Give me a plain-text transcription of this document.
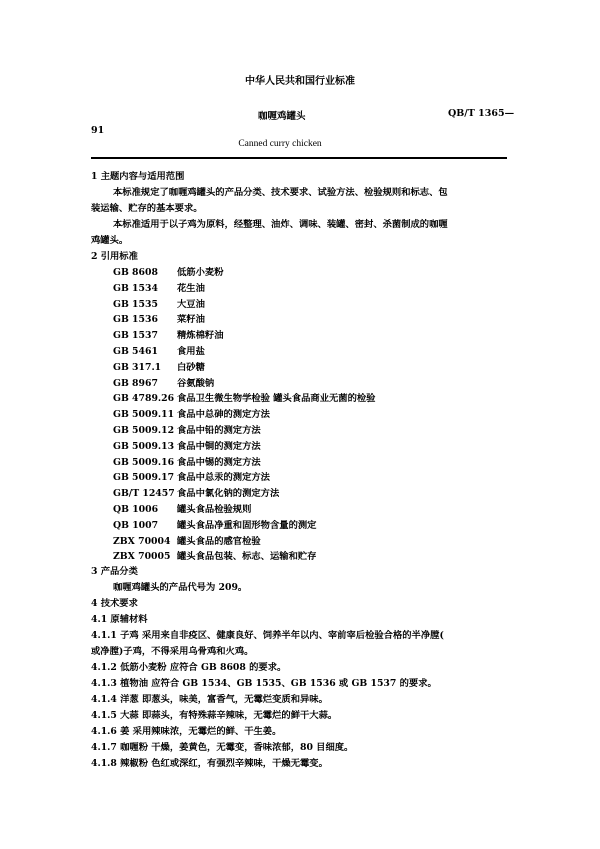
中华人民共和国行业标准
咖喱鸡罐头	QB/T 1365—
91
Canned curry chicken
1 主题内容与适用范围
本标准规定了咖喱鸡罐头的产品分类、技术要求、试验方法、检验规则和标志、包
装运输、贮存的基本要求。
本标准适用于以子鸡为原料，经整理、油炸、调味、装罐、密封、杀菌制成的咖喱
鸡罐头。
2 引用标准
GB 8608 低筋小麦粉
GB 1534 花生油
GB 1535 大豆油
GB 1536 菜籽油
GB 1537 精炼棉籽油
GB 5461 食用盐
GB 317.1 白砂糖
GB 8967 谷氨酸钠
GB 4789.26 食品卫生微生物学检验 罐头食品商业无菌的检验
GB 5009.11 食品中总砷的测定方法
GB 5009.12 食品中铅的测定方法
GB 5009.13 食品中铜的测定方法
GB 5009.16 食品中锡的测定方法
GB 5009.17 食品中总汞的测定方法
GB/T 12457 食品中氯化钠的测定方法
QB 1006 罐头食品检验规则
QB 1007 罐头食品净重和固形物含量的测定
ZBX 70004 罐头食品的感官检验
ZBX 70005 罐头食品包装、标志、运输和贮存
3 产品分类
咖喱鸡罐头的产品代号为 209。
4 技术要求
4.1 原辅材料
4.1.1 子鸡 采用来自非疫区、健康良好、饲养半年以内、宰前宰后检验合格的半净膛(
或净膛)子鸡，不得采用乌骨鸡和火鸡。
4.1.2 低筋小麦粉 应符合 GB 8608 的要求。
4.1.3 植物油 应符合 GB 1534、GB 1535、GB 1536 或 GB 1537 的要求。
4.1.4 洋葱 即葱头，味美，富香气，无霉烂变质和异味。
4.1.5 大蒜 即蒜头，有特殊蒜辛辣味，无霉烂的鲜干大蒜。
4.1.6 姜 采用辣味浓，无霉烂的鲜、干生姜。
4.1.7 咖喱粉 干燥，姜黄色，无霉变，香味浓郁，80 目细度。
4.1.8 辣椒粉 色红或深红，有强烈辛辣味，干燥无霉变。
